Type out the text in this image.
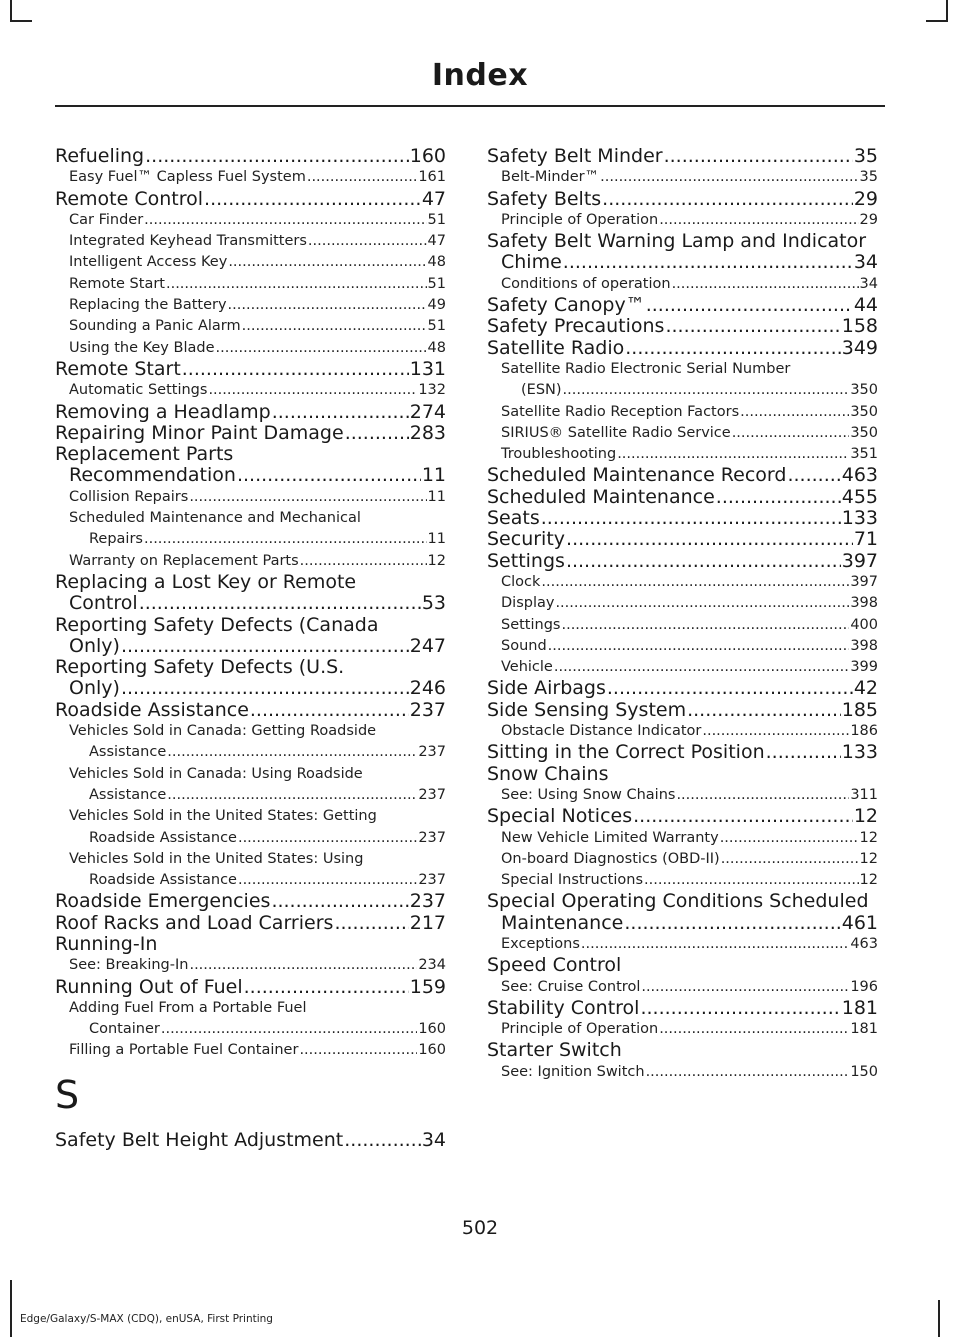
Index
Refueling .....	160
Easy Fuel™ Capless Fuel System .....	161
Remote Control .....	47
Car Finder .....	51
Integrated Keyhead Transmitters .....	47
Intelligent Access Key .....	48
Remote Start .....	51
Replacing the Battery .....	49
Sounding a Panic Alarm .....	51
Using the Key Blade .....	48
Remote Start .....	131
Automatic Settings .....	132
Removing a Headlamp .....	274
Repairing Minor Paint Damage .....	283
Replacement Parts
Recommendation .....	11
Collision Repairs .....	11
Scheduled Maintenance and Mechanical
Repairs .....	11
Warranty on Replacement Parts .....	12
Replacing a Lost Key or Remote
Control .....	53
Reporting Safety Defects (Canada
Only) .....	247
Reporting Safety Defects (U.S.
Only) .....	246
Roadside Assistance .....	237
Vehicles Sold in Canada: Getting Roadside
Assistance .....	237
Vehicles Sold in Canada: Using Roadside
Assistance .....	237
Vehicles Sold in the United States: Getting
Roadside Assistance .....	237
Vehicles Sold in the United States: Using
Roadside Assistance .....	237
Roadside Emergencies .....	237
Roof Racks and Load Carriers .....	217
Running-In
See: Breaking-In .....	234
Running Out of Fuel .....	159
Adding Fuel From a Portable Fuel
Container .....	160
Filling a Portable Fuel Container .....	160
S
Safety Belt Height Adjustment .....	34
Safety Belt Minder .....	35
Belt-Minder™ .....	35
Safety Belts .....	29
Principle of Operation .....	29
Safety Belt Warning Lamp and Indicator
Chime .....	34
Conditions of operation .....	34
Safety Canopy™ .....	44
Safety Precautions .....	158
Satellite Radio .....	349
Satellite Radio Electronic Serial Number
(ESN) .....	350
Satellite Radio Reception Factors .....	350
SIRIUS® Satellite Radio Service .....	350
Troubleshooting .....	351
Scheduled Maintenance Record .....	463
Scheduled Maintenance .....	455
Seats .....	133
Security .....	71
Settings .....	397
Clock .....	397
Display .....	398
Settings .....	400
Sound .....	398
Vehicle .....	399
Side Airbags .....	42
Side Sensing System .....	185
Obstacle Distance Indicator .....	186
Sitting in the Correct Position .....	133
Snow Chains
See: Using Snow Chains .....	311
Special Notices .....	12
New Vehicle Limited Warranty .....	12
On-board Diagnostics (OBD-II) .....	12
Special Instructions .....	12
Special Operating Conditions Scheduled
Maintenance .....	461
Exceptions .....	463
Speed Control
See: Cruise Control .....	196
Stability Control .....	181
Principle of Operation .....	181
Starter Switch
See: Ignition Switch .....	150
502
Edge/Galaxy/S-MAX (CDQ), enUSA, First Printing
